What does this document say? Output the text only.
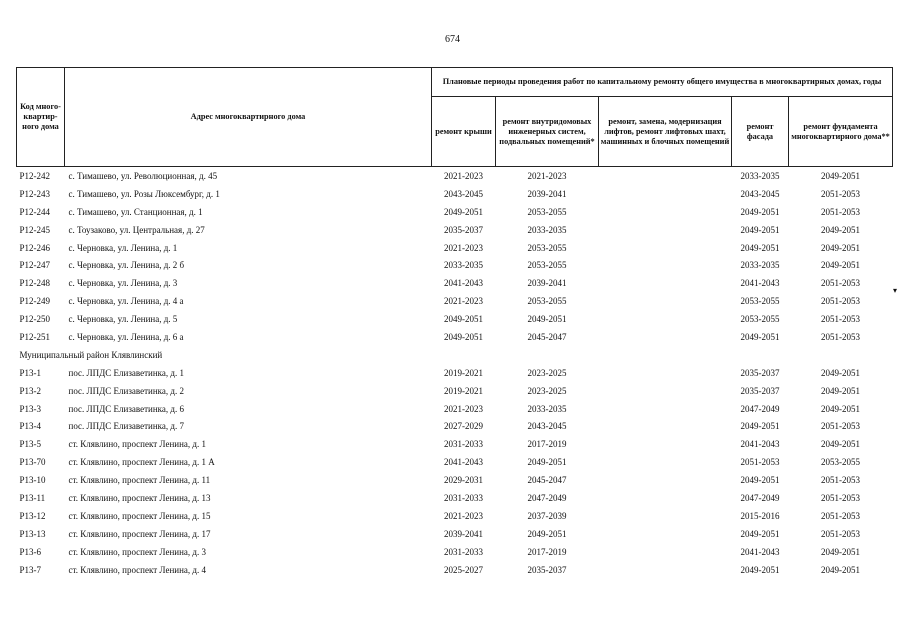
674
Код много-квартир-ного дома	Адрес многоквартирного дома	Плановые периоды проведения работ по капитальному ремонту общего имущества в многоквартирных домах, годы				
		ремонт крыши	ремонт внутридомовых инженерных систем, подвальных помещений*	ремонт, замена, модернизация лифтов, ремонт лифтовых шахт, машинных и блочных помещений	ремонт фасада	ремонт фундамента многоквартирного дома**
Р12-242	с. Тимашево, ул. Революционная, д. 45	2021-2023	2021-2023		2033-2035	2049-2051
Р12-243	с. Тимашево, ул. Розы Люксембург, д. 1	2043-2045	2039-2041		2043-2045	2051-2053
Р12-244	с. Тимашево, ул. Станционная, д. 1	2049-2051	2053-2055		2049-2051	2051-2053
Р12-245	с. Тоузаково, ул. Центральная, д. 27	2035-2037	2033-2035		2049-2051	2049-2051
Р12-246	с. Черновка, ул. Ленина, д. 1	2021-2023	2053-2055		2049-2051	2049-2051
Р12-247	с. Черновка, ул. Ленина, д. 2 б	2033-2035	2053-2055		2033-2035	2049-2051
Р12-248	с. Черновка, ул. Ленина, д. 3	2041-2043	2039-2041		2041-2043	2051-2053
Р12-249	с. Черновка, ул. Ленина, д. 4 а	2021-2023	2053-2055		2053-2055	2051-2053
Р12-250	с. Черновка, ул. Ленина, д. 5	2049-2051	2049-2051		2053-2055	2051-2053
Р12-251	с. Черновка, ул. Ленина, д. 6 а	2049-2051	2045-2047		2049-2051	2051-2053
Муниципальный район Клявлинский						
Р13-1	пос. ЛПДС Елизаветинка, д. 1	2019-2021	2023-2025		2035-2037	2049-2051
Р13-2	пос. ЛПДС Елизаветинка, д. 2	2019-2021	2023-2025		2035-2037	2049-2051
Р13-3	пос. ЛПДС Елизаветинка, д. 6	2021-2023	2033-2035		2047-2049	2049-2051
Р13-4	пос. ЛПДС Елизаветинка, д. 7	2027-2029	2043-2045		2049-2051	2051-2053
Р13-5	ст. Клявлино, проспект Ленина, д. 1	2031-2033	2017-2019		2041-2043	2049-2051
Р13-70	ст. Клявлино, проспект Ленина, д. 1 А	2041-2043	2049-2051		2051-2053	2053-2055
Р13-10	ст. Клявлино, проспект Ленина, д. 11	2029-2031	2045-2047		2049-2051	2051-2053
Р13-11	ст. Клявлино, проспект Ленина, д. 13	2031-2033	2047-2049		2047-2049	2051-2053
Р13-12	ст. Клявлино, проспект Ленина, д. 15	2021-2023	2037-2039		2015-2016	2051-2053
Р13-13	ст. Клявлино, проспект Ленина, д. 17	2039-2041	2049-2051		2049-2051	2051-2053
Р13-6	ст. Клявлино, проспект Ленина, д. 3	2031-2033	2017-2019		2041-2043	2049-2051
Р13-7	ст. Клявлино, проспект Ленина, д. 4	2025-2027	2035-2037		2049-2051	2049-2051
▾
